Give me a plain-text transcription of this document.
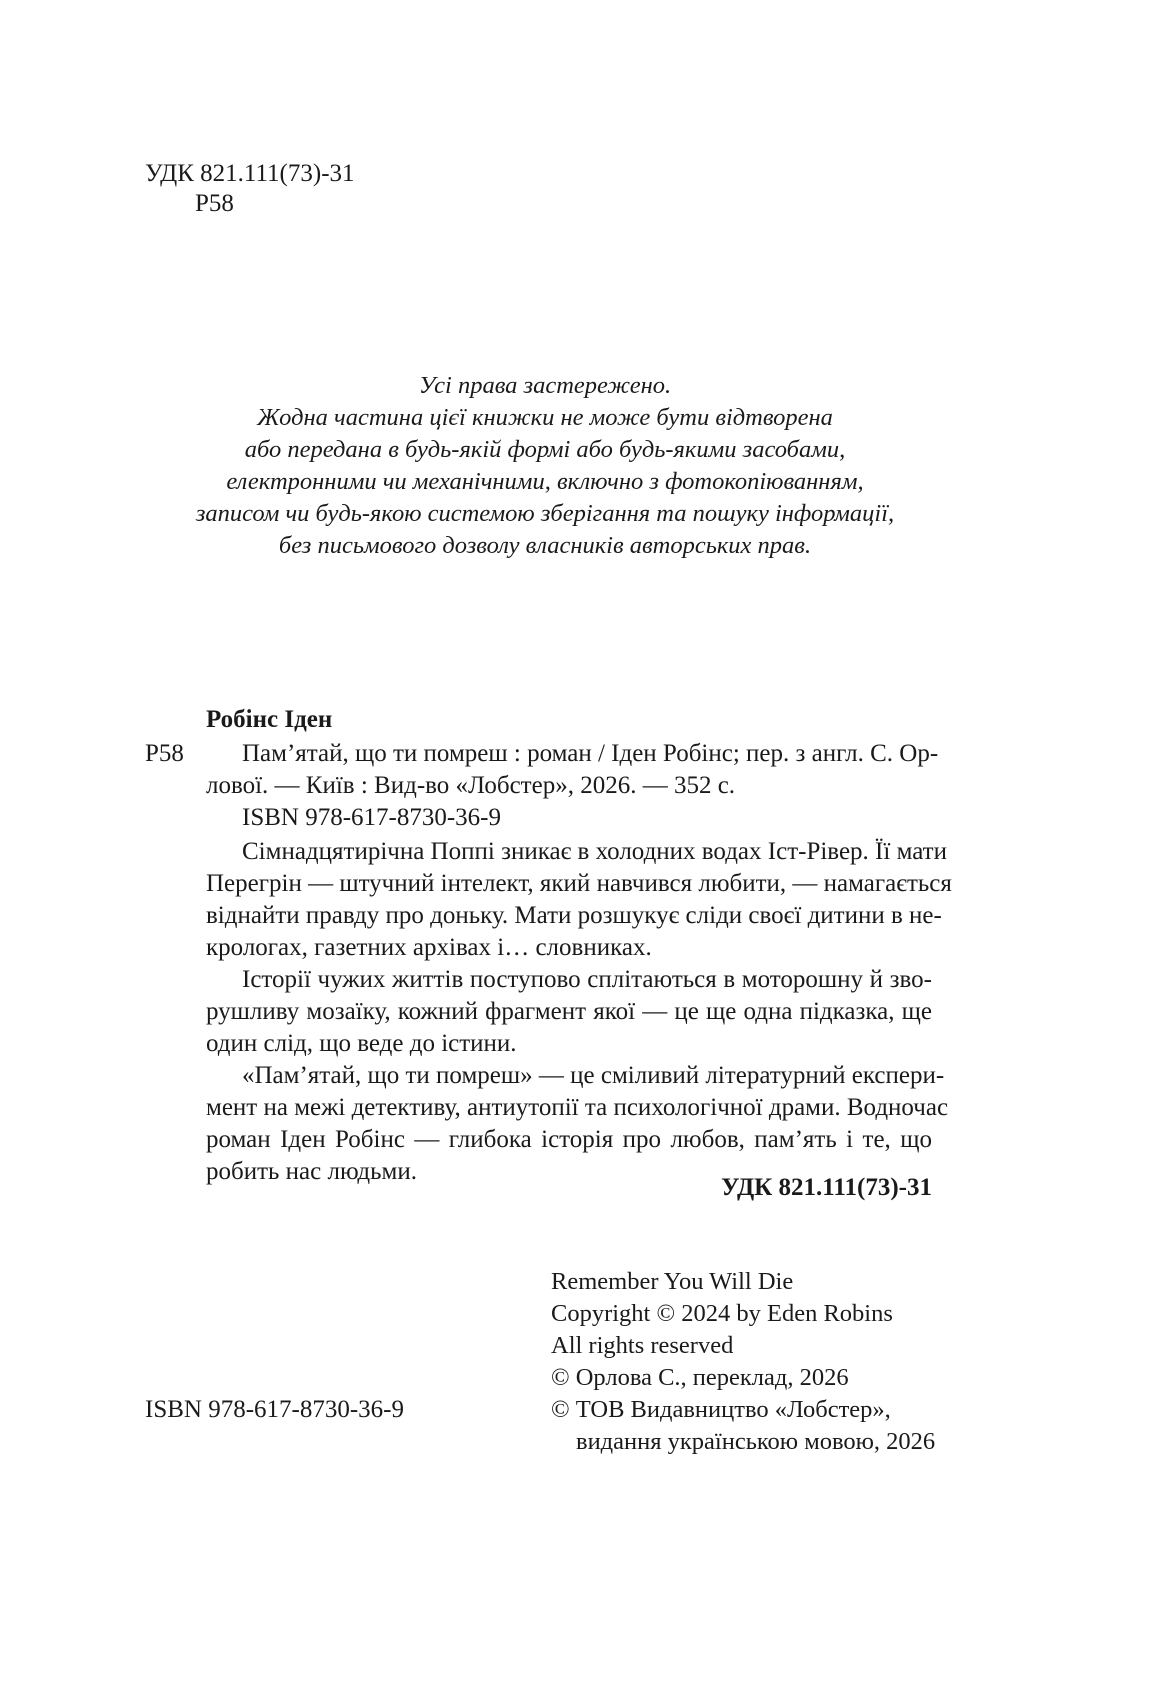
УДК 821.111(73)-31
Р58
Усі права застережено.
Жодна частина цієї книжки не може бути відтворена
або передана в будь-якій формі або будь-якими засобами,
електронними чи механічними, включно з фотокопіюванням,
записом чи будь-якою системою зберігання та пошуку інформації,
без письмового дозволу власників авторських прав.
Робінс Іден
Р58	Пам’ятай, що ти помреш : роман / Іден Робінс; пер. з англ. С. Ор-
лової. — Київ : Вид-во «Лобстер», 2026. — 352 с.
ISBN 978-617-8730-36-9
Сімнадцятирічна Поппі зникає в холодних водах Іст-Рівер. Її мати
Перегрін — штучний інтелект, який навчився любити, — намагається
віднайти правду про доньку. Мати розшукує сліди своєї дитини в не-
крологах, газетних архівах і… словниках.
Історії чужих життів поступово сплітаються в моторошну й зво-
рушливу мозаїку, кожний фрагмент якої — це ще одна підказка, ще
один слід, що веде до істини.
«Пам’ятай, що ти помреш» — це сміливий літературний експери-
мент на межі детективу, антиутопії та психологічної драми. Водночас
роман Іден Робінс — глибока історія про любов, пам’ять і те, що
робить нас людьми.
УДК 821.111(73)-31
Remember You Will Die
Copyright © 2024 by Eden Robins
All rights reserved
© Орлова С., переклад, 2026
© ТОВ Видавництво «Лобстер»,
видання українською мовою, 2026
ISBN 978-617-8730-36-9
